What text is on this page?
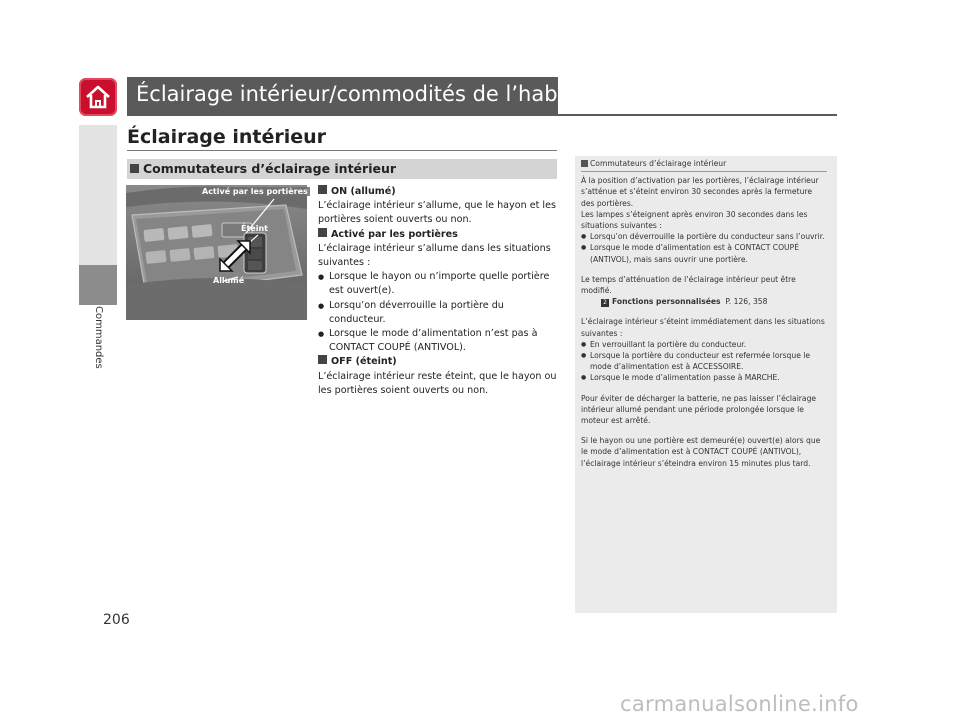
Éclairage intérieur/commodités de l’habitacle
Éclairage intérieur
Commandes
Commutateurs d’éclairage intérieur
Activé par les portières
Éteint
Allumé
ON (allumé)
L’éclairage intérieur s’allume, que le hayon et les portières soient ouverts ou non.
Activé par les portières
L’éclairage intérieur s’allume dans les situations suivantes :
● Lorsque le hayon ou n’importe quelle portière est ouvert(e).
● Lorsqu’on déverrouille la portière du conducteur.
● Lorsque le mode d’alimentation n’est pas à CONTACT COUPÉ (ANTIVOL).
OFF (éteint)
L’éclairage intérieur reste éteint, que le hayon ou les portières soient ouverts ou non.
Commutateurs d’éclairage intérieur
À la position d’activation par les portières, l’éclairage intérieur s’atténue et s’éteint environ 30 secondes après la fermeture des portières.
Les lampes s’éteignent après environ 30 secondes dans les situations suivantes :
● Lorsqu’on déverrouille la portière du conducteur sans l’ouvrir.
● Lorsque le mode d’alimentation est à CONTACT COUPÉ (ANTIVOL), mais sans ouvrir une portière.
Le temps d’atténuation de l’éclairage intérieur peut être modifié.
2 Fonctions personnalisées P. 126, 358
L’éclairage intérieur s’éteint immédiatement dans les situations suivantes :
● En verrouillant la portière du conducteur.
● Lorsque la portière du conducteur est refermée lorsque le mode d’alimentation est à ACCESSOIRE.
● Lorsque le mode d’alimentation passe à MARCHE.
Pour éviter de décharger la batterie, ne pas laisser l’éclairage intérieur allumé pendant une période prolongée lorsque le moteur est arrêté.
Si le hayon ou une portière est demeuré(e) ouvert(e) alors que le mode d’alimentation est à CONTACT COUPÉ (ANTIVOL), l’éclairage intérieur s’éteindra environ 15 minutes plus tard.
206
carmanualsonline.info
